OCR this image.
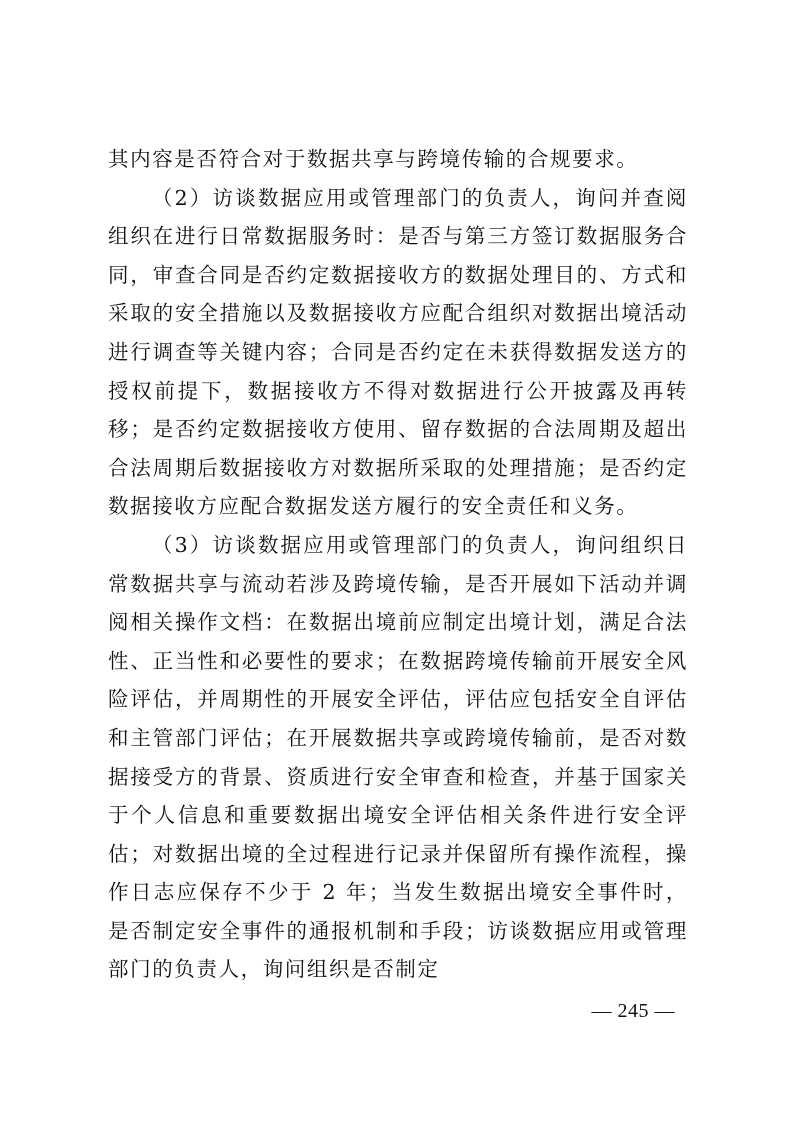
其内容是否符合对于数据共享与跨境传输的合规要求。

（2）访谈数据应用或管理部门的负责人，询问并查阅组织在进行日常数据服务时：是否与第三方签订数据服务合同，审查合同是否约定数据接收方的数据处理目的、方式和采取的安全措施以及数据接收方应配合组织对数据出境活动进行调查等关键内容；合同是否约定在未获得数据发送方的授权前提下，数据接收方不得对数据进行公开披露及再转移；是否约定数据接收方使用、留存数据的合法周期及超出合法周期后数据接收方对数据所采取的处理措施；是否约定数据接收方应配合数据发送方履行的安全责任和义务。

（3）访谈数据应用或管理部门的负责人，询问组织日常数据共享与流动若涉及跨境传输，是否开展如下活动并调阅相关操作文档：在数据出境前应制定出境计划，满足合法性、正当性和必要性的要求；在数据跨境传输前开展安全风险评估，并周期性的开展安全评估，评估应包括安全自评估和主管部门评估；在开展数据共享或跨境传输前，是否对数据接受方的背景、资质进行安全审查和检查，并基于国家关于个人信息和重要数据出境安全评估相关条件进行安全评估；对数据出境的全过程进行记录并保留所有操作流程，操作日志应保存不少于 2 年；当发生数据出境安全事件时，是否制定安全事件的通报机制和手段；访谈数据应用或管理部门的负责人，询问组织是否制定

— 245 —
